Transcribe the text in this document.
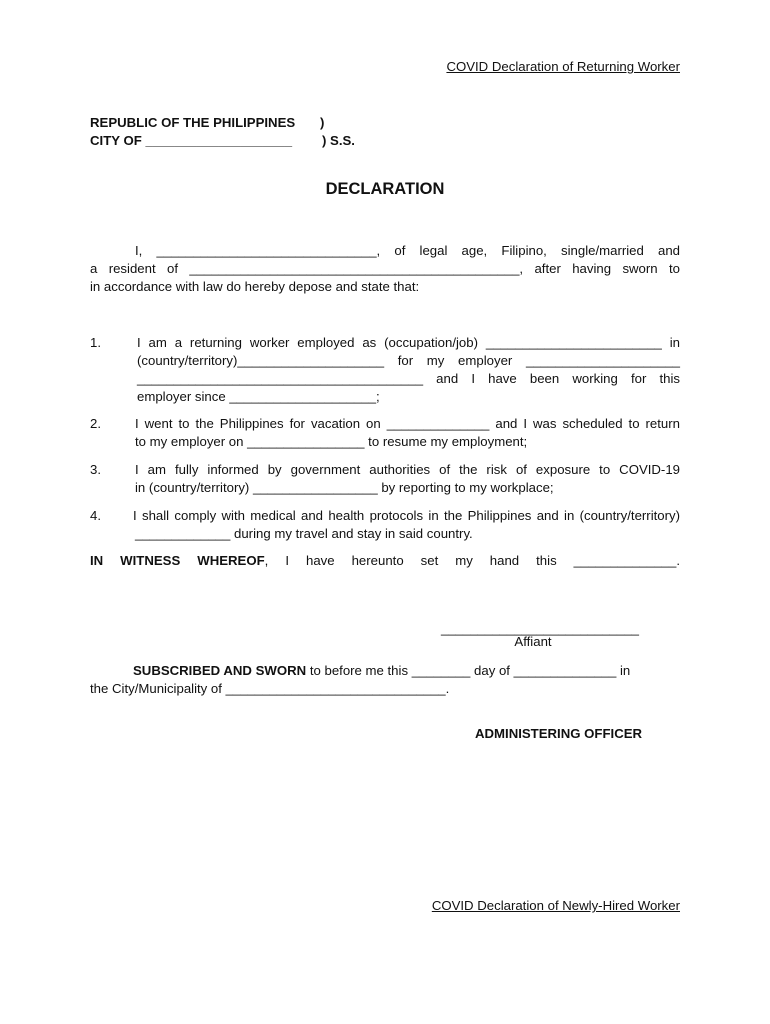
COVID Declaration of Returning Worker
REPUBLIC OF THE PHILIPPINES )
CITY OF ____________________ ) S.S.
DECLARATION
I, ______________________________, of legal age, Filipino, single/married and
a resident of _____________________________________________, after having sworn to
in accordance with law do hereby depose and state that:
1.	I am a returning worker employed as (occupation/job) ________________________ in
(country/territory)____________________ for my employer _____________________
_______________________________________ and I have been working for this
employer since ____________________;
2.	I went to the Philippines for vacation on ______________ and I was scheduled to return
to my employer on ________________ to resume my employment;
3.	I am fully informed by government authorities of the risk of exposure to COVID-19
in (country/territory) _________________ by reporting to my workplace;
4.	I shall comply with medical and health protocols in the Philippines and in (country/territory)
_____________ during my travel and stay in said country.
IN WITNESS WHEREOF, I have hereunto set my hand this ______________.
___________________________
Affiant
SUBSCRIBED AND SWORN to before me this ________ day of ______________ in
the City/Municipality of ______________________________.
ADMINISTERING OFFICER
COVID Declaration of Newly-Hired Worker
